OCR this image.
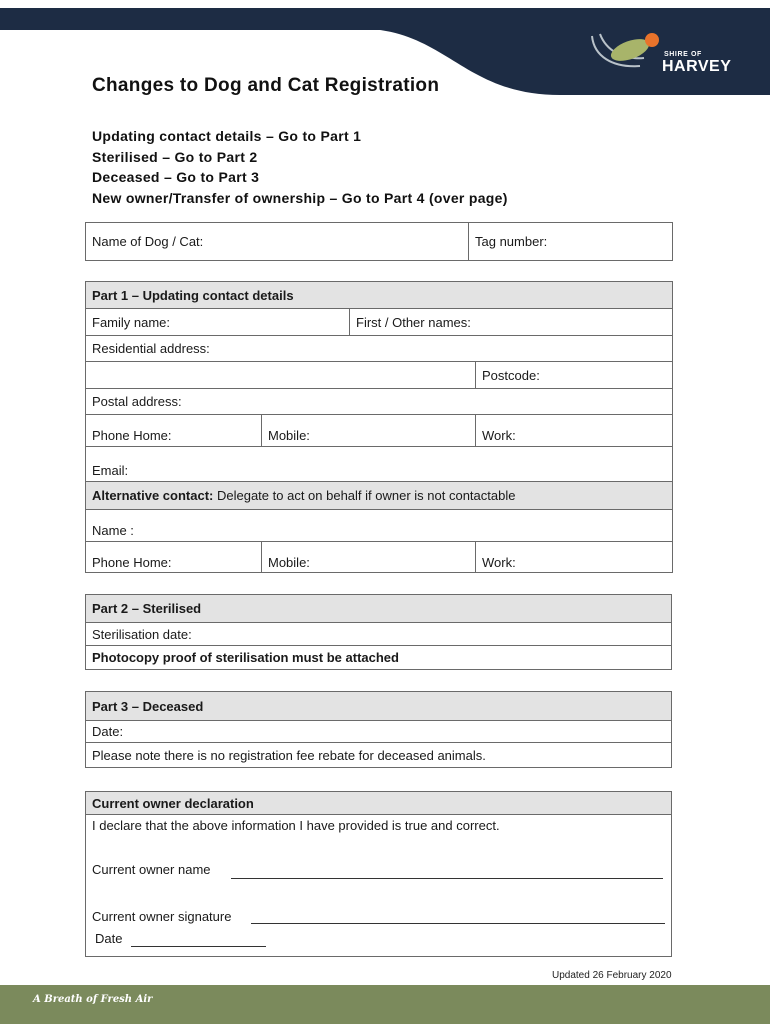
SHIRE OF
HARVEY
Changes to Dog and Cat Registration
Updating contact details – Go to Part 1
Sterilised – Go to Part 2
Deceased – Go to Part 3
New owner/Transfer of ownership – Go to Part 4 (over page)
Name of Dog / Cat:	Tag number:
Part 1 – Updating contact details			
Family name:		First / Other names:	
Residential address:			
			Postcode:
Postal address:			
Phone Home:	Mobile:		Work:
Email:			
Alternative contact: Delegate to act on behalf if owner is not contactable			
Name :			
Phone Home:	Mobile:		Work:
Part 2 – Sterilised
Sterilisation date:
Photocopy proof of sterilisation must be attached
Part 3 – Deceased
Date:
Please note there is no registration fee rebate for deceased animals.
Current owner declaration
I declare that the above information I have provided is true and correct.
Current owner name
Current owner signature
Date
Updated 26 February 2020
A Breath of Fresh Air
